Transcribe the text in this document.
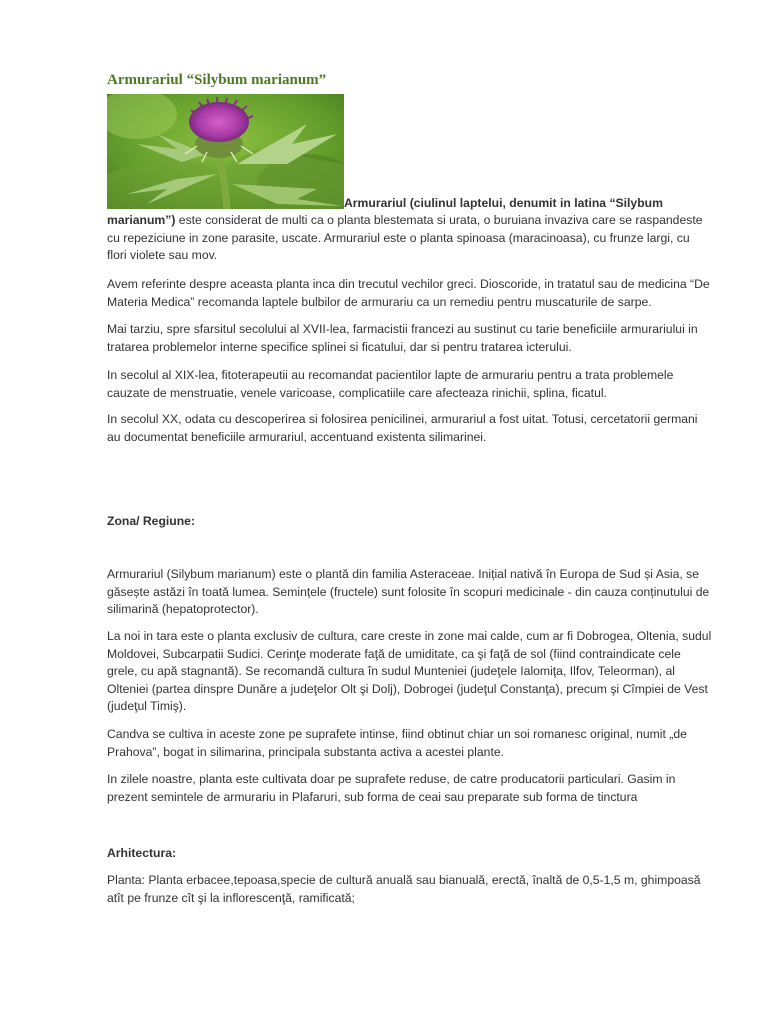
Armurariul “Silybum marianum”

Armurariul (ciulinul laptelui, denumit in latina “Silybum

marianum”) este considerat de multi ca o planta blestemata si urata, o buruiana invaziva care se raspandeste cu repeziciune in zone parasite, uscate. Armurariul este o planta spinoasa (maracinoasa), cu frunze largi, cu flori violete sau mov.

Avem referinte despre aceasta planta inca din trecutul vechilor greci. Dioscoride, in tratatul sau de medicina “De Materia Medica” recomanda laptele bulbilor de armurariu ca un remediu pentru muscaturile de sarpe.

Mai tarziu, spre sfarsitul secolului al XVII-lea, farmacistii francezi au sustinut cu tarie beneficiile armurariului in tratarea problemelor interne specifice splinei si ficatului, dar si pentru tratarea icterului.

In secolul al XIX-lea, fitoterapeutii au recomandat pacientilor lapte de armurariu pentru a trata problemele cauzate de menstruatie, venele varicoase, complicatiile care afecteaza rinichii, splina, ficatul.

In secolul XX, odata cu descoperirea si folosirea penicilinei, armurariul a fost uitat. Totusi, cercetatorii germani au documentat beneficiile armurariul, accentuand existenta silimarinei.

Zona/ Regiune:

Armurariul (Silybum marianum) este o plantă din familia Asteraceae. Inițial nativă în Europa de Sud și Asia, se găsește astăzi în toată lumea. Semințele (fructele) sunt folosite în scopuri medicinale - din cauza conținutului de silimarină (hepatoprotector).

La noi in tara este o planta exclusiv de cultura, care creste in zone mai calde, cum ar fi Dobrogea, Oltenia, sudul Moldovei, Subcarpatii Sudici. Cerinţe moderate faţă de umiditate, ca şi faţă de sol (fiind contraindicate cele grele, cu apă stagnantă). Se recomandă cultura în sudul Munteniei (judeţele Ialomiţa, Ilfov, Teleorman), al Olteniei (partea dinspre Dunăre a judeţelor Olt şi Dolj), Dobrogei (judeţul Constanţa), precum şi Cîmpiei de Vest (judeţul Timiş).

Candva se cultiva in aceste zone pe suprafete intinse, fiind obtinut chiar un soi romanesc original, numit „de Prahova”, bogat in silimarina, principala substanta activa a acestei plante.

In zilele noastre, planta este cultivata doar pe suprafete reduse, de catre producatorii particulari. Gasim in prezent semintele de armurariu in Plafaruri, sub forma de ceai sau preparate sub forma de tinctura

Arhitectura:

Planta: Planta erbacee,tepoasa,specie de cultură anuală sau bianuală, erectă, înaltă de 0,5-1,5 m, ghimpoasă atît pe frunze cît şi la inflorescenţă, ramificată;
